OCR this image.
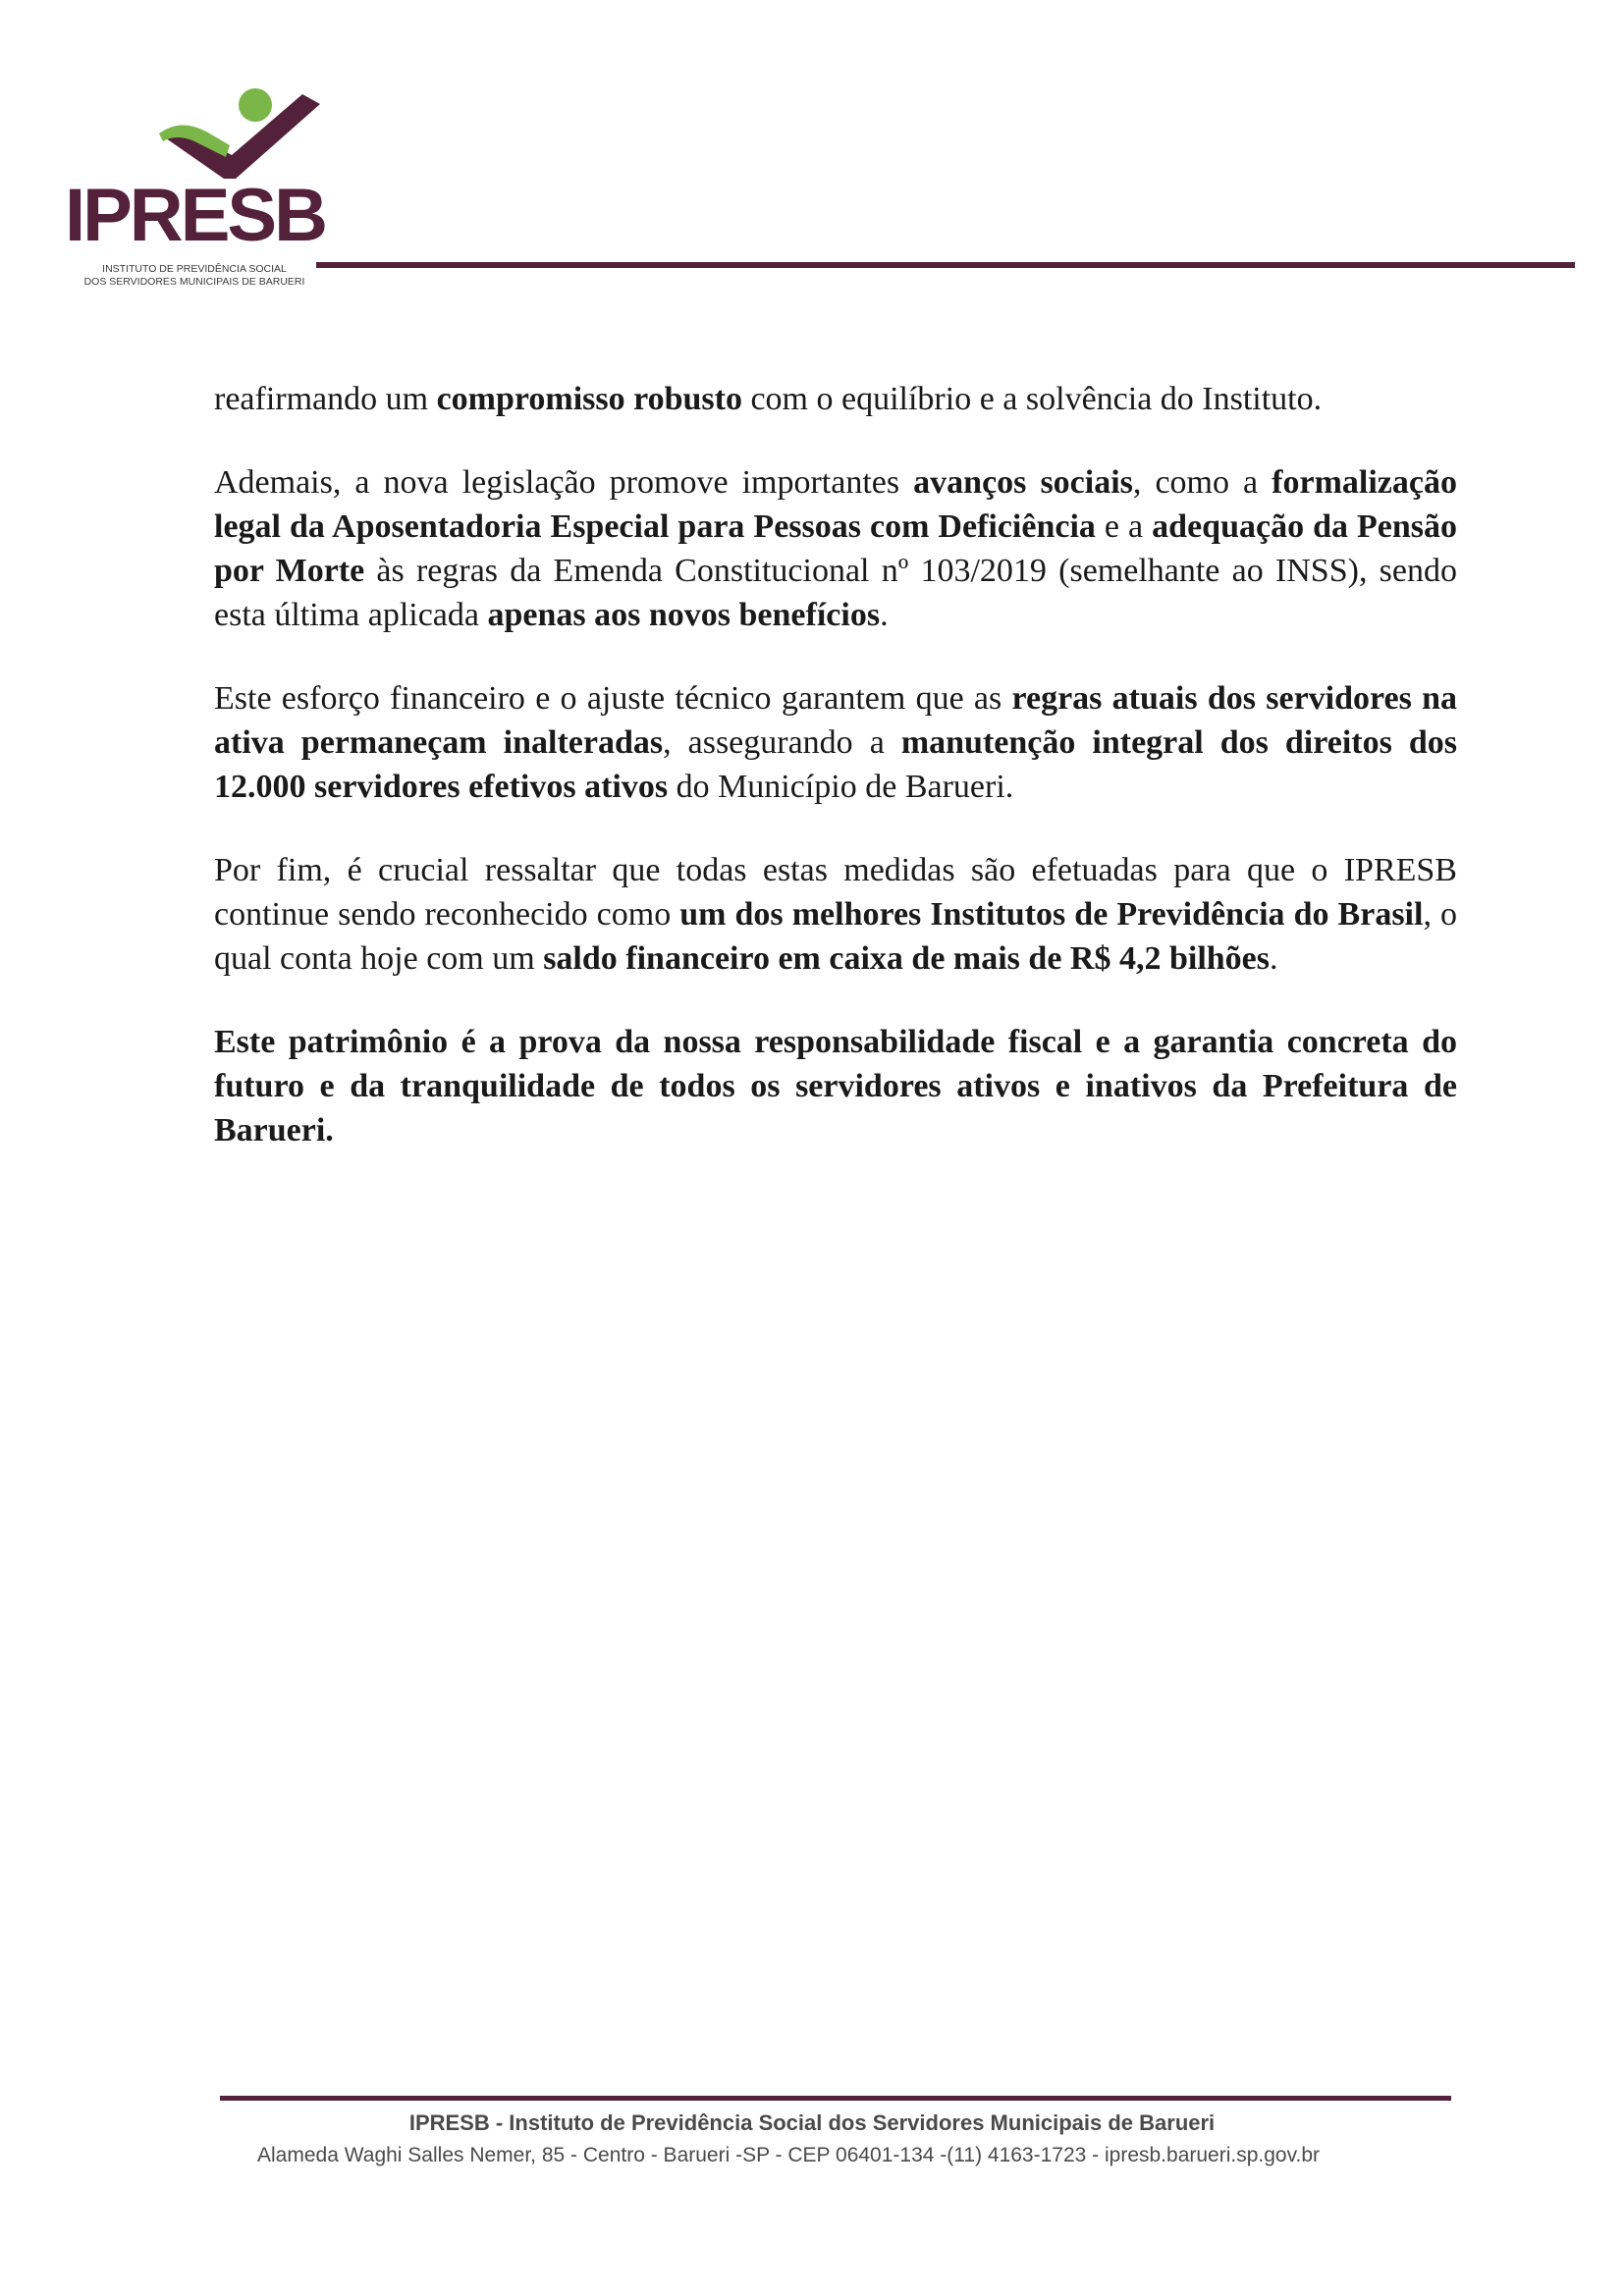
IPRESB
INSTITUTO DE PREVIDÊNCIA SOCIAL
DOS SERVIDORES MUNICIPAIS DE BARUERI

reafirmando um compromisso robusto com o equilíbrio e a solvência do Instituto.

Ademais, a nova legislação promove importantes avanços sociais, como a formalização legal da Aposentadoria Especial para Pessoas com Deficiência e a adequação da Pensão por Morte às regras da Emenda Constitucional nº 103/2019 (semelhante ao INSS), sendo esta última aplicada apenas aos novos benefícios.

Este esforço financeiro e o ajuste técnico garantem que as regras atuais dos servidores na ativa permaneçam inalteradas, assegurando a manutenção integral dos direitos dos 12.000 servidores efetivos ativos do Município de Barueri.

Por fim, é crucial ressaltar que todas estas medidas são efetuadas para que o IPRESB continue sendo reconhecido como um dos melhores Institutos de Previdência do Brasil, o qual conta hoje com um saldo financeiro em caixa de mais de R$ 4,2 bilhões.

Este patrimônio é a prova da nossa responsabilidade fiscal e a garantia concreta do futuro e da tranquilidade de todos os servidores ativos e inativos da Prefeitura de Barueri.

IPRESB - Instituto de Previdência Social dos Servidores Municipais de Barueri
Alameda Waghi Salles Nemer, 85 - Centro - Barueri -SP - CEP 06401-134 -(11) 4163-1723 - ipresb.barueri.sp.gov.br
